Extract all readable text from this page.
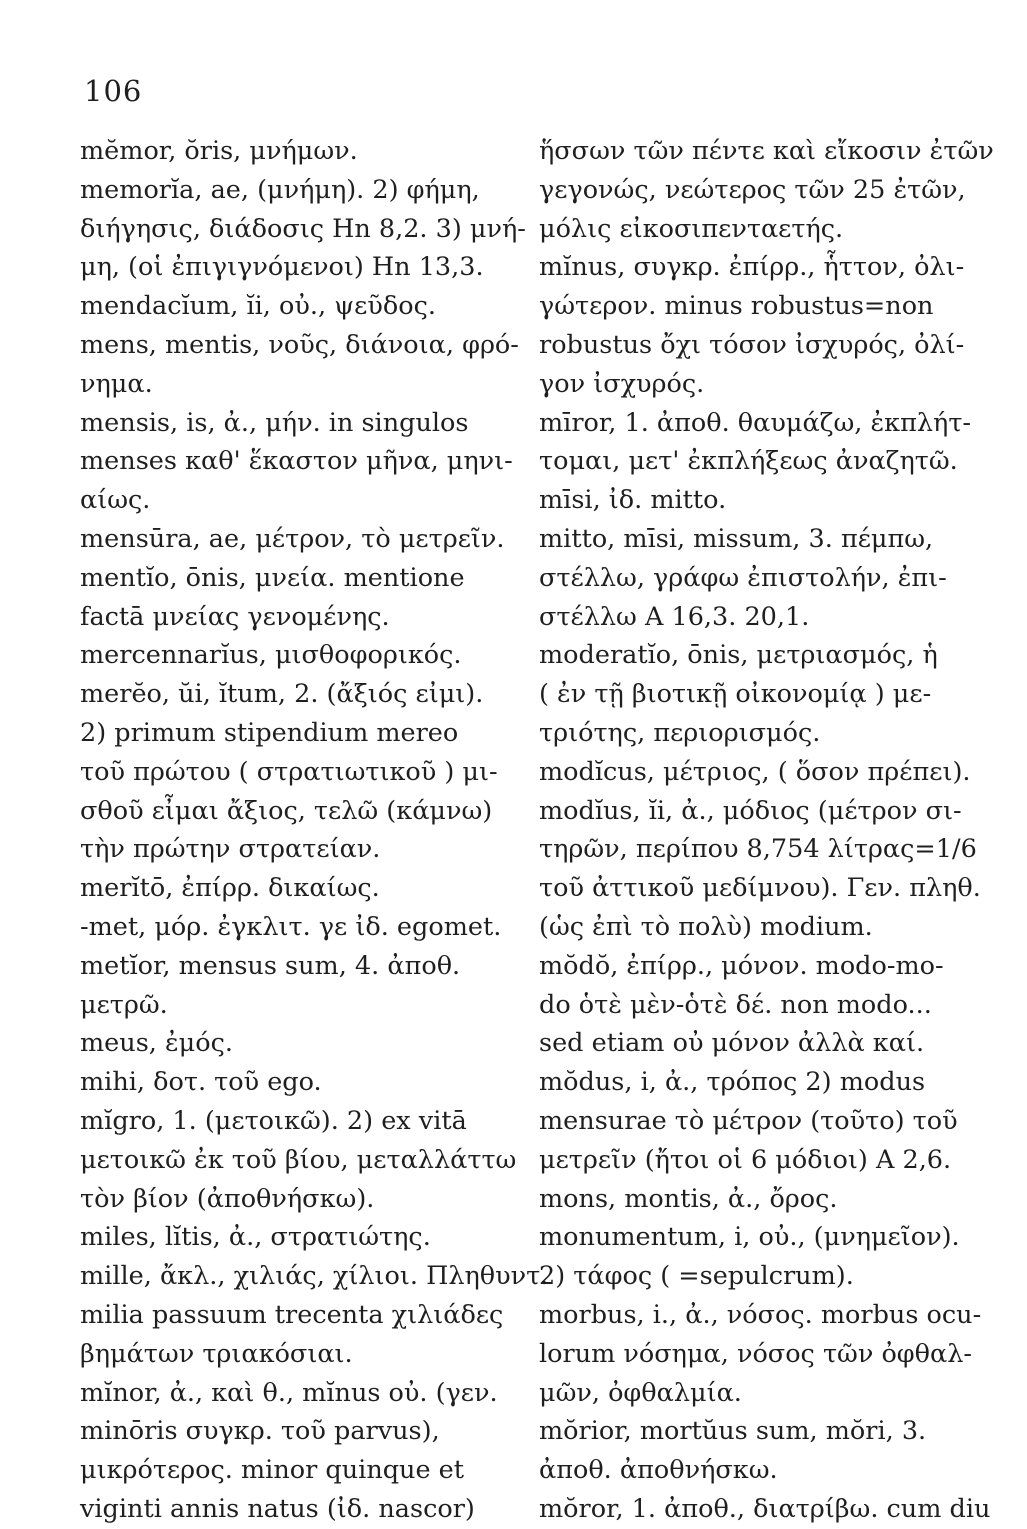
106
mĕmor, ŏris, μνήμων.
memorĭa, ae, (μνήμη). 2) φήμη,
διήγησις, διάδοσις Ηn 8,2. 3) μνή-
μη, (οἱ ἐπιγιγνόμενοι) Ηn 13,3.
mendacĭum, ĭi, οὐ., ψεῦδος.
mens, mentis, νοῦς, διάνοια, φρό-
νημα.
mensis, is, ἀ., μήν. in singulos
menses καθ' ἕκαστον μῆνα, μηνι-
αίως.
mensūra, ae, μέτρον, τὸ μετρεῖν.
mentĭo, ōnis, μνεία. mentione
factā μνείας γενομένης.
mercennarĭus, μισθοφορικός.
merĕo, ŭi, ĭtum, 2. (ἄξιός εἰμι).
2) primum stipendium mereo
τοῦ πρώτου ( στρατιωτικοῦ ) μι-
σθοῦ εἶμαι ἄξιος, τελῶ (κάμνω)
τὴν πρώτην στρατείαν.
merĭtō, ἐπίρρ. δικαίως.
-met, μόρ. ἐγκλιτ. γε ἰδ. egomet.
metĭor, mensus sum, 4. ἀποθ.
μετρῶ.
meus, ἐμός.
mihi, δοτ. τοῦ ego.
mĭgro, 1. (μετοικῶ). 2) ex vitā
μετοικῶ ἐκ τοῦ βίου, μεταλλάττω
τὸν βίον (ἀποθνήσκω).
miles, lĭtis, ἀ., στρατιώτης.
mille, ἄκλ., χιλιάς, χίλιοι. Πληθυντ.
milia passuum trecenta χιλιάδες
βημάτων τριακόσιαι.
mĭnor, ἀ., καὶ θ., mĭnus οὐ. (γεν.
minōris συγκρ. τοῦ parvus),
μικρότερος. minor quinque et
viginti annis natus (ἰδ. nascor)
ἥσσων τῶν πέντε καὶ εἴκοσιν ἐτῶν
γεγονώς, νεώτερος τῶν 25 ἐτῶν,
μόλις εἰκοσιπενταετής.
mĭnus, συγκρ. ἐπίρρ., ἧττον, ὀλι-
γώτερον. minus robustus=non
robustus ὄχι τόσον ἰσχυρός, ὀλί-
γον ἰσχυρός.
mīror, 1. ἀποθ. θαυμάζω, ἐκπλήτ-
τομαι, μετ' ἐκπλήξεως ἀναζητῶ.
mīsi, ἰδ. mitto.
mitto, mīsi, missum, 3. πέμπω,
στέλλω, γράφω ἐπιστολήν, ἐπι-
στέλλω Α 16,3. 20,1.
moderatĭo, ōnis, μετριασμός, ἡ
( ἐν τῇ βιοτικῇ οἰκονομίᾳ ) με-
τριότης, περιορισμός.
modĭcus, μέτριος, ( ὅσον πρέπει).
modĭus, ĭi, ἀ., μόδιος (μέτρον σι-
τηρῶν, περίπου 8,754 λίτρας=1/6
τοῦ ἀττικοῦ μεδίμνου). Γεν. πληθ.
(ὡς ἐπὶ τὸ πολὺ) modium.
mŏdŏ, ἐπίρρ., μόνον. modo-mo-
do ὁτὲ μὲν-ὁτὲ δέ. non modo...
sed etiam οὐ μόνον ἀλλὰ καί.
mŏdus, i, ἀ., τρόπος 2) modus
mensurae τὸ μέτρον (τοῦτο) τοῦ
μετρεῖν (ἤτοι οἱ 6 μόδιοι) Α 2,6.
mons, montis, ἀ., ὄρος.
monumentum, i, οὐ., (μνημεῖον).
2) τάφος ( =sepulcrum).
morbus, i., ἀ., νόσος. morbus ocu-
lorum νόσημα, νόσος τῶν ὀφθαλ-
μῶν, ὀφθαλμία.
mŏrior, mortŭus sum, mŏri, 3.
ἀποθ. ἀποθνήσκω.
mŏror, 1. ἀποθ., διατρίβω. cum diu
